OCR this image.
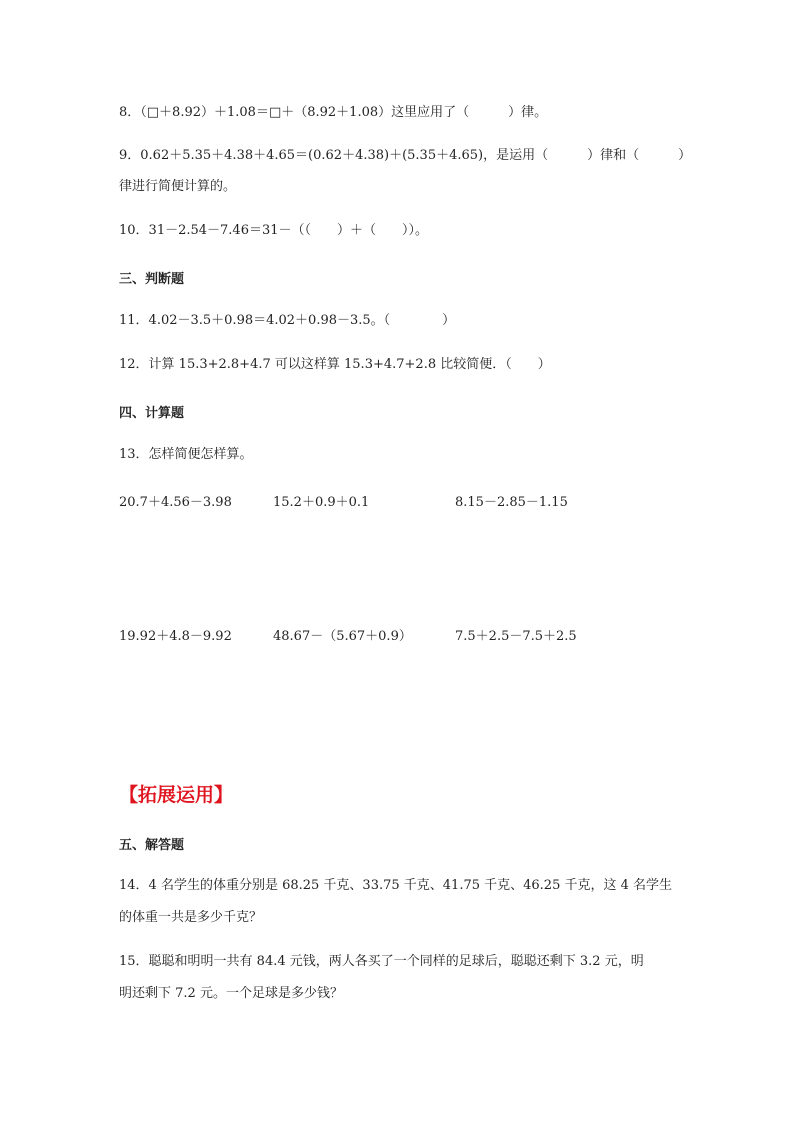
8．（□＋8.92）＋1.08＝□＋（8.92＋1.08）这里应用了（　　　）律。
9．0.62＋5.35＋4.38＋4.65＝(0.62＋4.38)＋(5.35＋4.65)，是运用（　　　）律和（　　　）
律进行简便计算的。
10．31－2.54－7.46＝31－（（　　）＋（　　））。
三、判断题
11．4.02－3.5＋0.98＝4.02＋0.98－3.5。（　　　　）
12．计算 15.3+2.8+4.7 可以这样算 15.3+4.7+2.8 比较简便．（　　）
四、计算题
13．怎样简便怎样算。
20.7＋4.56－3.98	15.2＋0.9＋0.1	8.15－2.85－1.15
19.92＋4.8－9.92	48.67－（5.67＋0.9）	7.5＋2.5－7.5＋2.5
【拓展运用】
五、解答题
14．4 名学生的体重分别是 68.25 千克、33.75 千克、41.75 千克、46.25 千克，这 4 名学生
的体重一共是多少千克？
15．聪聪和明明一共有 84.4 元钱，两人各买了一个同样的足球后，聪聪还剩下 3.2 元，明
明还剩下 7.2 元。一个足球是多少钱？
